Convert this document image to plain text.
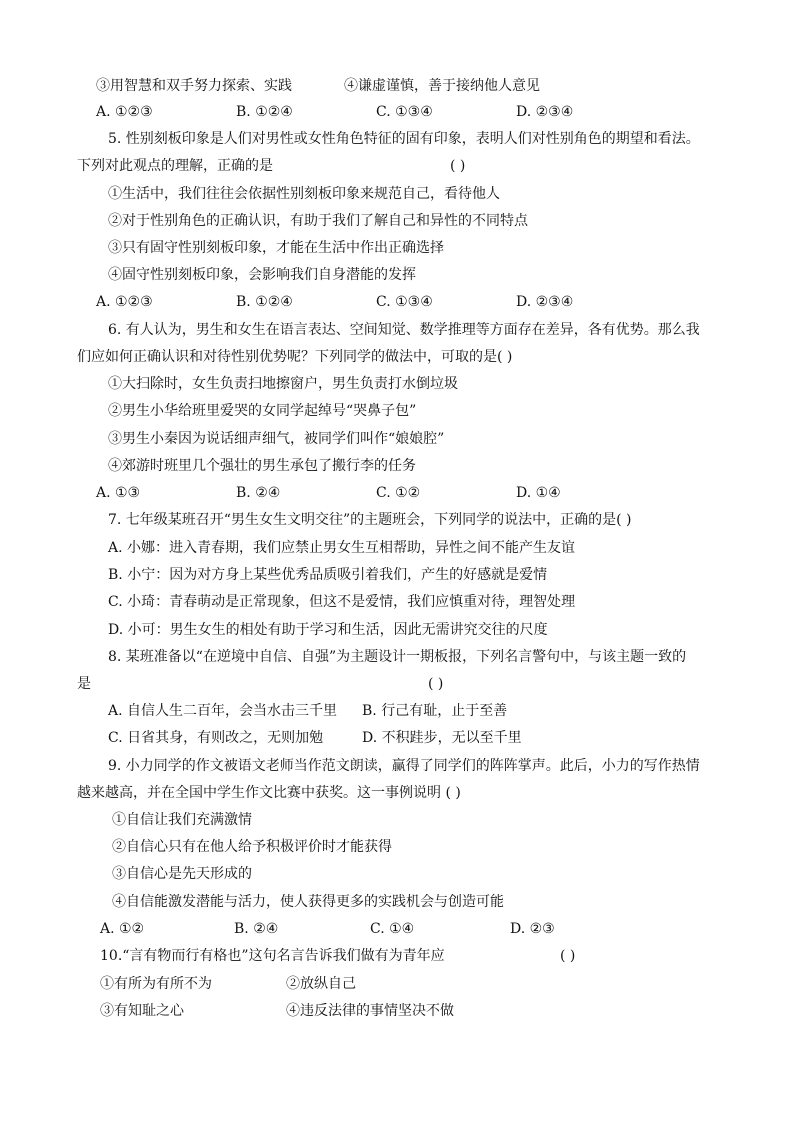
③用智慧和双手努力探索、实践	④谦虚谨慎，善于接纳他人意见
A. ①②③	B. ①②④	C. ①③④	D. ②③④
5. 性别刻板印象是人们对男性或女性角色特征的固有印象，表明人们对性别角色的期望和看法。
下列对此观点的理解，正确的是	( )
①生活中，我们往往会依据性别刻板印象来规范自己，看待他人
②对于性别角色的正确认识，有助于我们了解自己和异性的不同特点
③只有固守性别刻板印象，才能在生活中作出正确选择
④固守性别刻板印象，会影响我们自身潜能的发挥
A. ①②③	B. ①②④	C. ①③④	D. ②③④
6. 有人认为，男生和女生在语言表达、空间知觉、数学推理等方面存在差异，各有优势。那么我
们应如何正确认识和对待性别优势呢？下列同学的做法中，可取的是( )
①大扫除时，女生负责扫地擦窗户，男生负责打水倒垃圾
②男生小华给班里爱哭的女同学起绰号“哭鼻子包”
③男生小秦因为说话细声细气，被同学们叫作“娘娘腔”
④郊游时班里几个强壮的男生承包了搬行李的任务
A. ①③	B. ②④	C. ①②	D. ①④
7. 七年级某班召开“男生女生文明交往”的主题班会，下列同学的说法中，正确的是( )
A. 小娜：进入青春期，我们应禁止男女生互相帮助，异性之间不能产生友谊
B. 小宁：因为对方身上某些优秀品质吸引着我们，产生的好感就是爱情
C. 小琦：青春萌动是正常现象，但这不是爱情，我们应慎重对待，理智处理
D. 小可：男生女生的相处有助于学习和生活，因此无需讲究交往的尺度
8. 某班准备以“在逆境中自信、自强”为主题设计一期板报，下列名言警句中，与该主题一致的
是	( )
A. 自信人生二百年，会当水击三千里 B. 行己有耻，止于至善
C. 日省其身，有则改之，无则加勉	D. 不积跬步，无以至千里
9. 小力同学的作文被语文老师当作范文朗读，赢得了同学们的阵阵掌声。此后，小力的写作热情
越来越高，并在全国中学生作文比赛中获奖。这一事例说明 ( )
①自信让我们充满激情
②自信心只有在他人给予积极评价时才能获得
③自信心是先天形成的
④自信能激发潜能与活力，使人获得更多的实践机会与创造可能
A. ①②	B. ②④	C. ①④	D. ②③
10.“言有物而行有格也”这句名言告诉我们做有为青年应	( )
①有所为有所不为	②放纵自己
③有知耻之心	④违反法律的事情坚决不做
